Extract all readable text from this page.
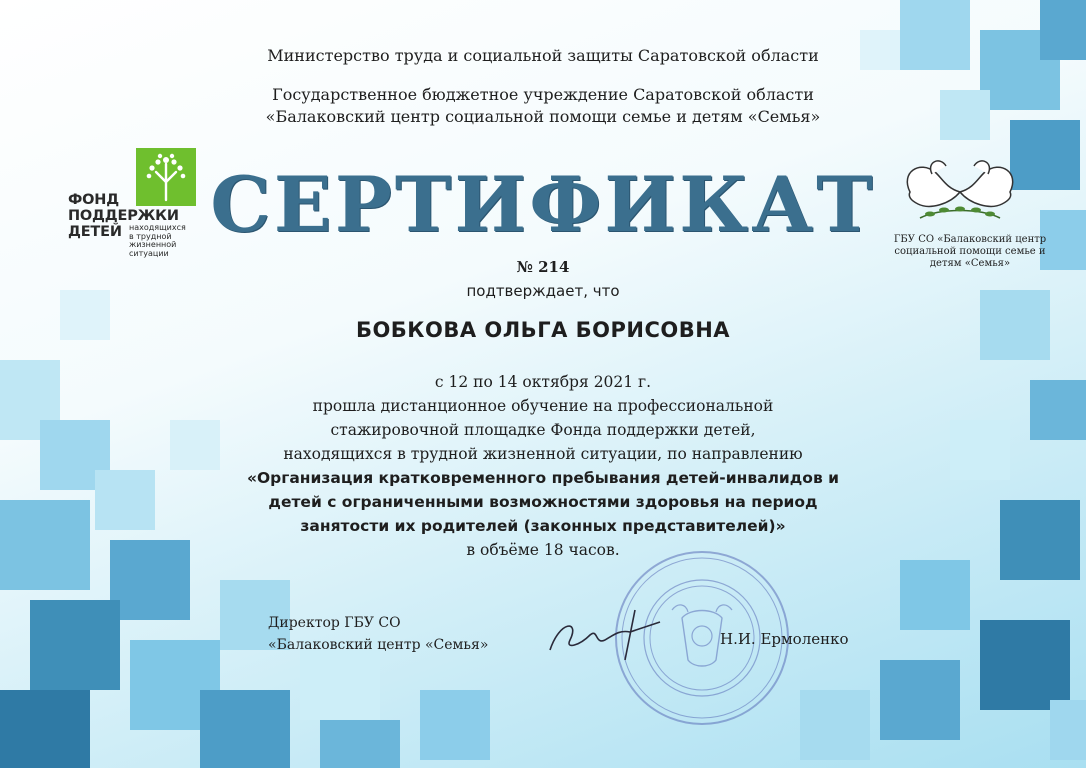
Министерство труда и социальной защиты Саратовской области
Государственное бюджетное учреждение Саратовской области
«Балаковский центр социальной помощи семье и детям «Семья»
ФОНД
ПОДДЕРЖКИ
ДЕТЕЙ находящихся
в трудной
жизненной
ситуации
ГБУ СО «Балаковский центр
социальной помощи семье и
детям «Семья»
СЕРТИФИКАТ
№ 214
подтверждает, что
БОБКОВА ОЛЬГА БОРИСОВНА
с 12 по 14 октября 2021 г.
прошла дистанционное обучение на профессиональной
стажировочной площадке Фонда поддержки детей,
находящихся в трудной жизненной ситуации, по направлению
«Организация кратковременного пребывания детей-инвалидов и
детей с ограниченными возможностями здоровья на период
занятости их родителей (законных представителей)»
в объёме 18 часов.
Директор ГБУ СО
«Балаковский центр «Семья»	Н.И. Ермоленко
